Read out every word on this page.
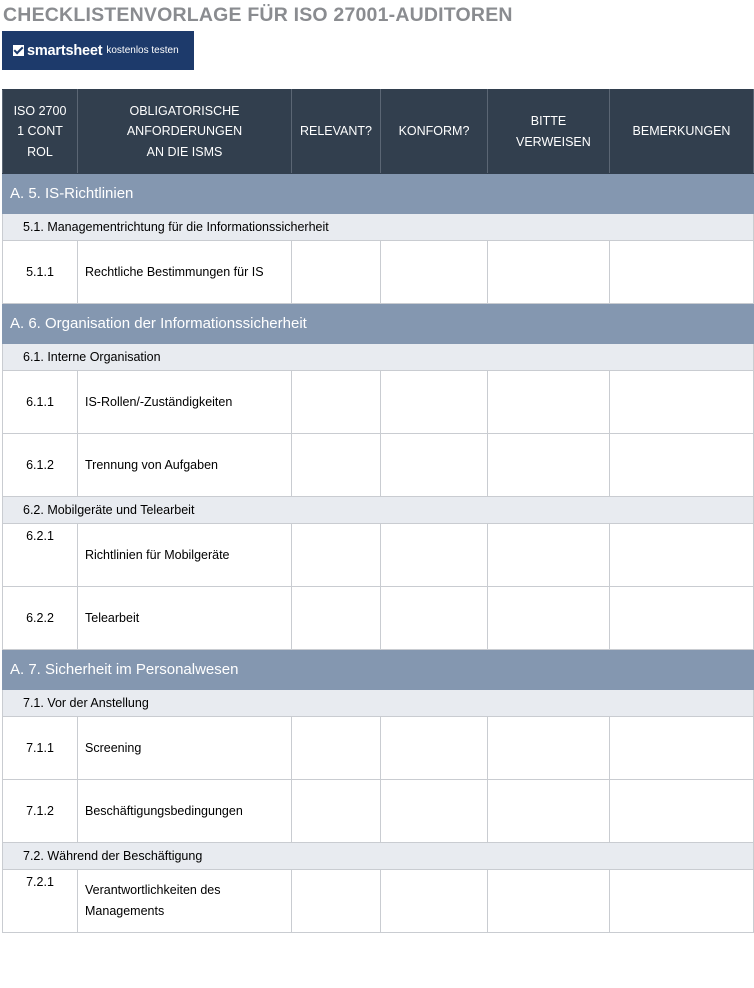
CHECKLISTENVORLAGE FÜR ISO 27001-AUDITOREN
smartsheet kostenlos testen
ISO 27001 CONTROL	OBLIGATORISCHE ANFORDERUNGEN AN DIE ISMS	RELEVANT?	KONFORM?	BITTE VERWEISEN	BEMERKUNGEN
A. 5. IS-Richtlinien					
5.1. Managementrichtung für die Informationssicherheit					
5.1.1	Rechtliche Bestimmungen für IS				
A. 6. Organisation der Informationssicherheit					
6.1. Interne Organisation					
6.1.1	IS-Rollen/-Zuständigkeiten				
6.1.2	Trennung von Aufgaben				
6.2. Mobilgeräte und Telearbeit					
6.2.1	Richtlinien für Mobilgeräte				
6.2.2	Telearbeit				
A. 7. Sicherheit im Personalwesen					
7.1. Vor der Anstellung					
7.1.1	Screening				
7.1.2	Beschäftigungsbedingungen				
7.2. Während der Beschäftigung					
7.2.1	Verantwortlichkeiten des Managements				
